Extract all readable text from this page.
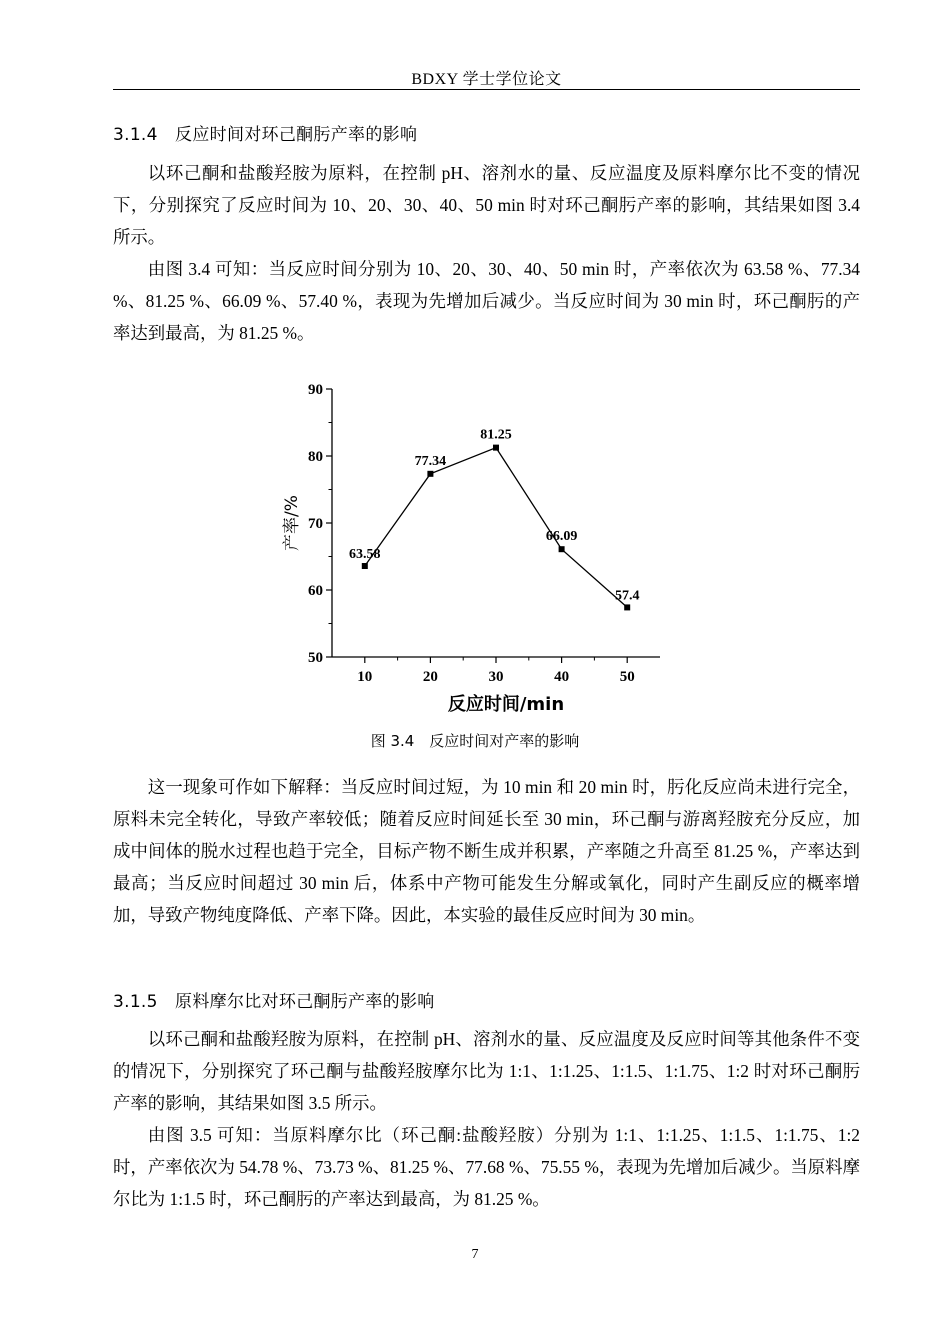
BDXY 学士学位论文
3.1.4　反应时间对环己酮肟产率的影响

以环己酮和盐酸羟胺为原料，在控制 pH、溶剂水的量、反应温度及原料摩尔比不变的情况下，分别探究了反应时间为 10、20、30、40、50 min 时对环己酮肟产率的影响，其结果如图 3.4 所示。

由图 3.4 可知：当反应时间分别为 10、20、30、40、50 min 时，产率依次为 63.58 %、77.34 %、81.25 %、66.09 %、57.40 %，表现为先增加后减少。当反应时间为 30 min 时，环己酮肟的产率达到最高，为 81.25 %。

50
60
70
80
90
10	20	30	40	50
63.58
77.34
81.25
66.09
57.4
反应时间/min
产率/%
图 3.4　反应时间对产率的影响

这一现象可作如下解释：当反应时间过短，为 10 min 和 20 min 时，肟化反应尚未进行完全，原料未完全转化，导致产率较低；随着反应时间延长至 30 min，环己酮与游离羟胺充分反应，加成中间体的脱水过程也趋于完全，目标产物不断生成并积累，产率随之升高至 81.25 %，产率达到最高；当反应时间超过 30 min 后，体系中产物可能发生分解或氧化，同时产生副反应的概率增加，导致产物纯度降低、产率下降。因此，本实验的最佳反应时间为 30 min。

3.1.5　原料摩尔比对环己酮肟产率的影响

以环己酮和盐酸羟胺为原料，在控制 pH、溶剂水的量、反应温度及反应时间等其他条件不变的情况下，分别探究了环己酮与盐酸羟胺摩尔比为 1:1、1:1.25、1:1.5、1:1.75、1:2 时对环己酮肟产率的影响，其结果如图 3.5 所示。

由图 3.5 可知：当原料摩尔比（环己酮:盐酸羟胺）分别为 1:1、1:1.25、1:1.5、1:1.75、1:2 时，产率依次为 54.78 %、73.73 %、81.25 %、77.68 %、75.55 %，表现为先增加后减少。当原料摩尔比为 1:1.5 时，环己酮肟的产率达到最高，为 81.25 %。

7
